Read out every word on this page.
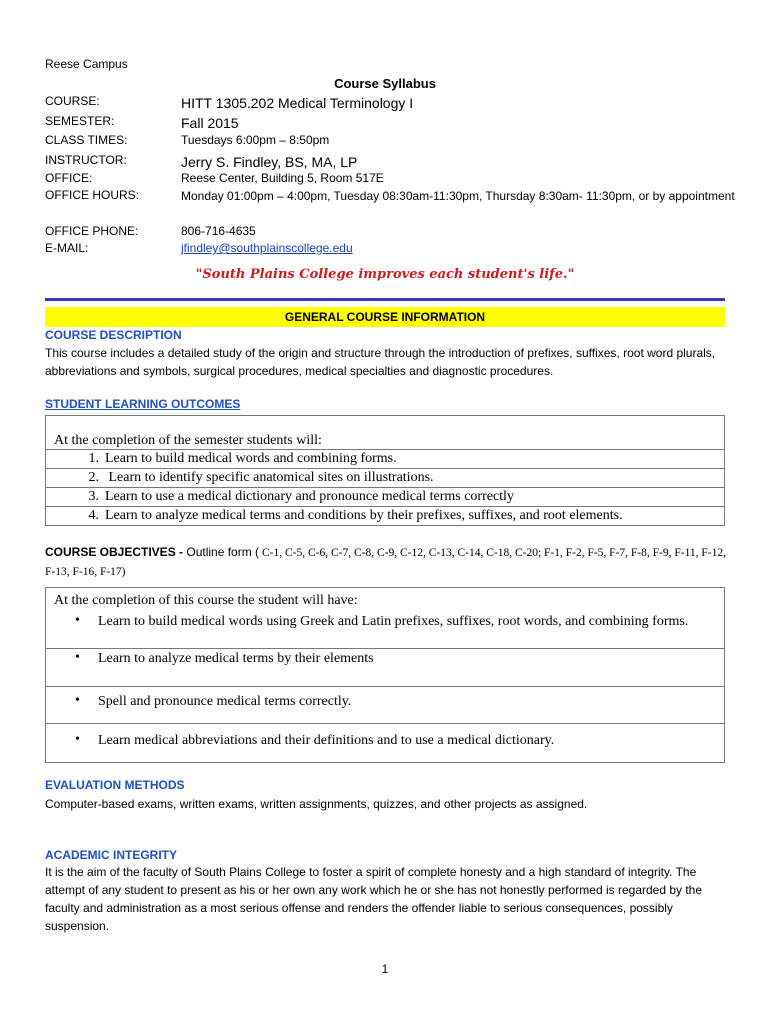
Reese Campus
Course Syllabus
COURSE:	HITT 1305.202 Medical Terminology I
SEMESTER:	Fall 2015
CLASS TIMES:	Tuesdays 6:00pm – 8:50pm
INSTRUCTOR:	Jerry S. Findley, BS, MA, LP
OFFICE:	Reese Center, Building 5, Room 517E
OFFICE HOURS:	Monday 01:00pm – 4:00pm, Tuesday 08:30am-11:30pm, Thursday 8:30am- 11:30pm, or by appointment
OFFICE PHONE:	806-716-4635
E-MAIL:	jfindley@southplainscollege.edu
"South Plains College improves each student's life."
GENERAL COURSE INFORMATION
COURSE DESCRIPTION
This course includes a detailed study of the origin and structure through the introduction of prefixes, suffixes, root word plurals, abbreviations and symbols, surgical procedures, medical specialties and diagnostic procedures.
STUDENT LEARNING OUTCOMES
At the completion of the semester students will:
1. Learn to build medical words and combining forms.
2. Learn to identify specific anatomical sites on illustrations.
3. Learn to use a medical dictionary and pronounce medical terms correctly
4. Learn to analyze medical terms and conditions by their prefixes, suffixes, and root elements.
COURSE OBJECTIVES - Outline form ( C-1, C-5, C-6, C-7, C-8, C-9, C-12, C-13, C-14, C-18, C-20; F-1, F-2, F-5, F-7, F-8, F-9, F-11, F-12, F-13, F-16, F-17)
At the completion of this course the student will have:
• Learn to build medical words using Greek and Latin prefixes, suffixes, root words, and combining forms.
• Learn to analyze medical terms by their elements
• Spell and pronounce medical terms correctly.
• Learn medical abbreviations and their definitions and to use a medical dictionary.
EVALUATION METHODS
Computer-based exams, written exams, written assignments, quizzes, and other projects as assigned.
ACADEMIC INTEGRITY
It is the aim of the faculty of South Plains College to foster a spirit of complete honesty and a high standard of integrity. The attempt of any student to present as his or her own any work which he or she has not honestly performed is regarded by the faculty and administration as a most serious offense and renders the offender liable to serious consequences, possibly suspension.
1
